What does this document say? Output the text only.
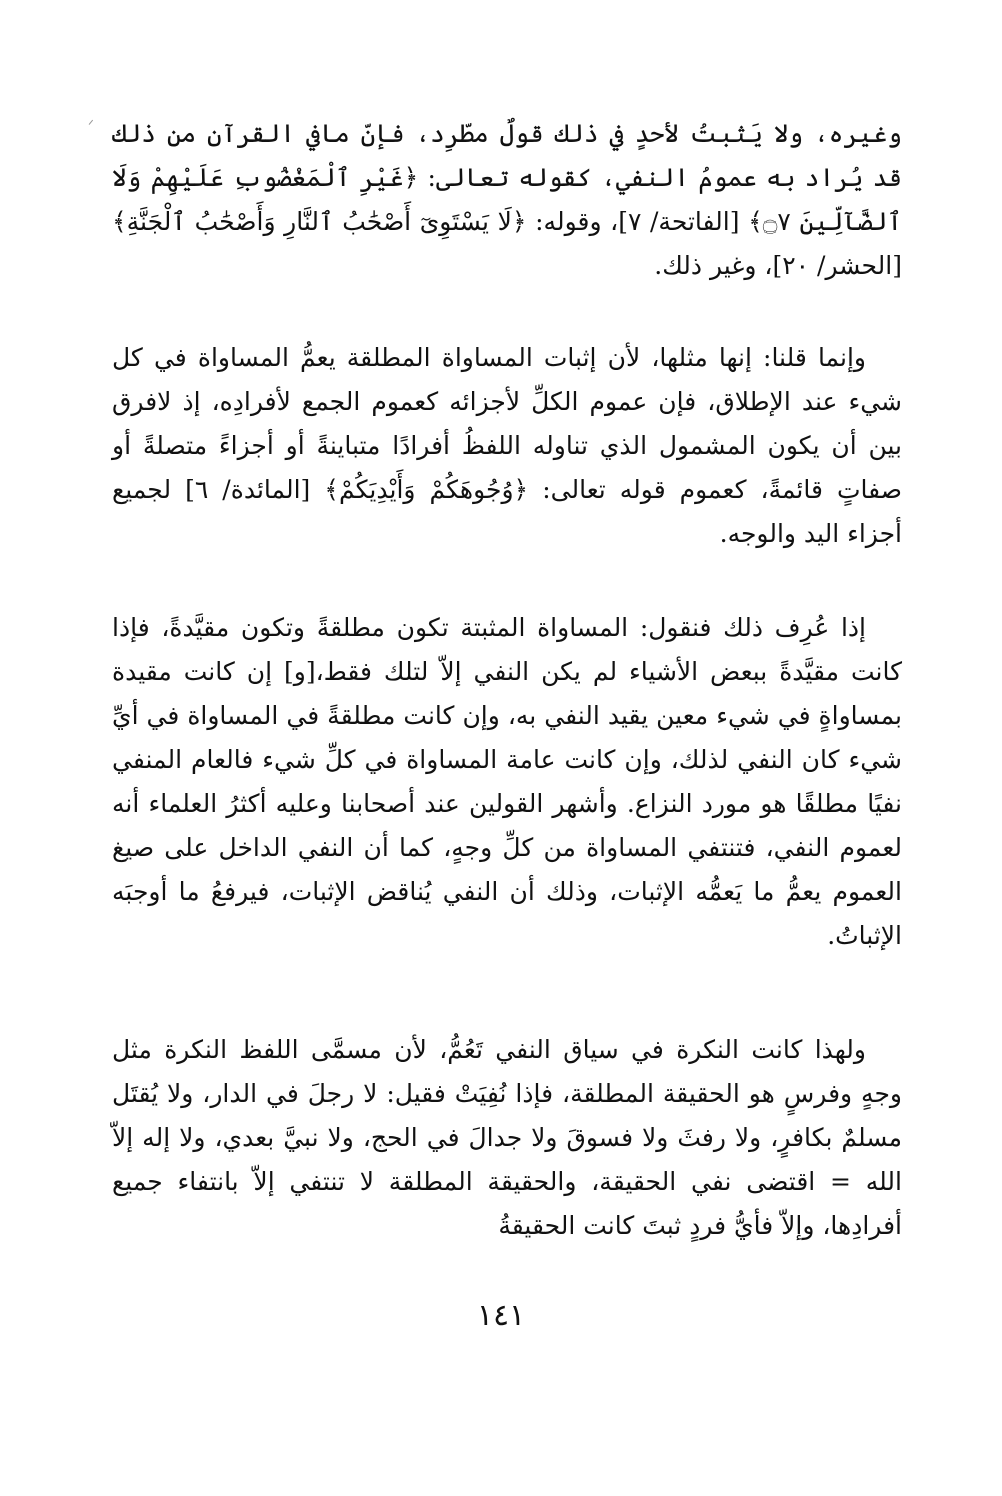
ᐟ وغيره، ولا يَثبتُ لأحدٍ في ذلك قولٌ مطّرِد، فإنّ مافي القرآن من ذلك قد يُراد به عمومُ النفي، كقوله تعالى: ﴿غَيْرِ ٱلْمَغْضُوبِ عَلَيْهِمْ وَلَا ٱلضَّآلِّينَ ۝٧﴾ [الفاتحة/ ٧]، وقوله: ﴿لَا يَسْتَوِىٓ أَصْحَٰبُ ٱلنَّارِ وَأَصْحَٰبُ ٱلْجَنَّةِ﴾ [الحشر/ ٢٠]، وغير ذلك.

وإنما قلنا: إنها مثلها، لأن إثبات المساواة المطلقة يعمُّ المساواة في كل شيء عند الإطلاق، فإن عموم الكلِّ لأجزائه كعموم الجمع لأفرادِه، إذ لافرق بين أن يكون المشمول الذي تناوله اللفظُ أفرادًا متباينةً أو أجزاءً متصلةً أو صفاتٍ قائمةً، كعموم قوله تعالى: ﴿وُجُوهَكُمْ وَأَيْدِيَكُمْ﴾ [المائدة/ ٦] لجميع أجزاء اليد والوجه.

إذا عُرِف ذلك فنقول: المساواة المثبتة تكون مطلقةً وتكون مقيَّدةً، فإذا كانت مقيَّدةً ببعض الأشياء لم يكن النفي إلاّ لتلك فقط،[و] إن كانت مقيدة بمساواةٍ في شيء معين يقيد النفي به، وإن كانت مطلقةً في المساواة في أيِّ شيء كان النفي لذلك، وإن كانت عامة المساواة في كلِّ شيء فالعام المنفي نفيًا مطلقًا هو مورد النزاع. وأشهر القولين عند أصحابنا وعليه أكثرُ العلماء أنه لعموم النفي، فتنتفي المساواة من كلِّ وجهٍ، كما أن النفي الداخل على صيغ العموم يعمُّ ما يَعمُّه الإثبات، وذلك أن النفي يُناقض الإثبات، فيرفعُ ما أوجبَه الإثباتُ.

ولهذا كانت النكرة في سياق النفي تَعُمُّ، لأن مسمَّى اللفظ النكرة مثل وجهٍ وفرسٍ هو الحقيقة المطلقة، فإذا نُفِيَتْ فقيل: لا رجلَ في الدار، ولا يُقتَل مسلمٌ بكافرٍ، ولا رفثَ ولا فسوقَ ولا جدالَ في الحج، ولا نبيَّ بعدي، ولا إله إلاّ الله = اقتضى نفي الحقيقة، والحقيقة المطلقة لا تنتفي إلاّ بانتفاء جميع أفرادِها، وإلاّ فأيُّ فردٍ ثبتَ كانت الحقيقةُ

١٤١
